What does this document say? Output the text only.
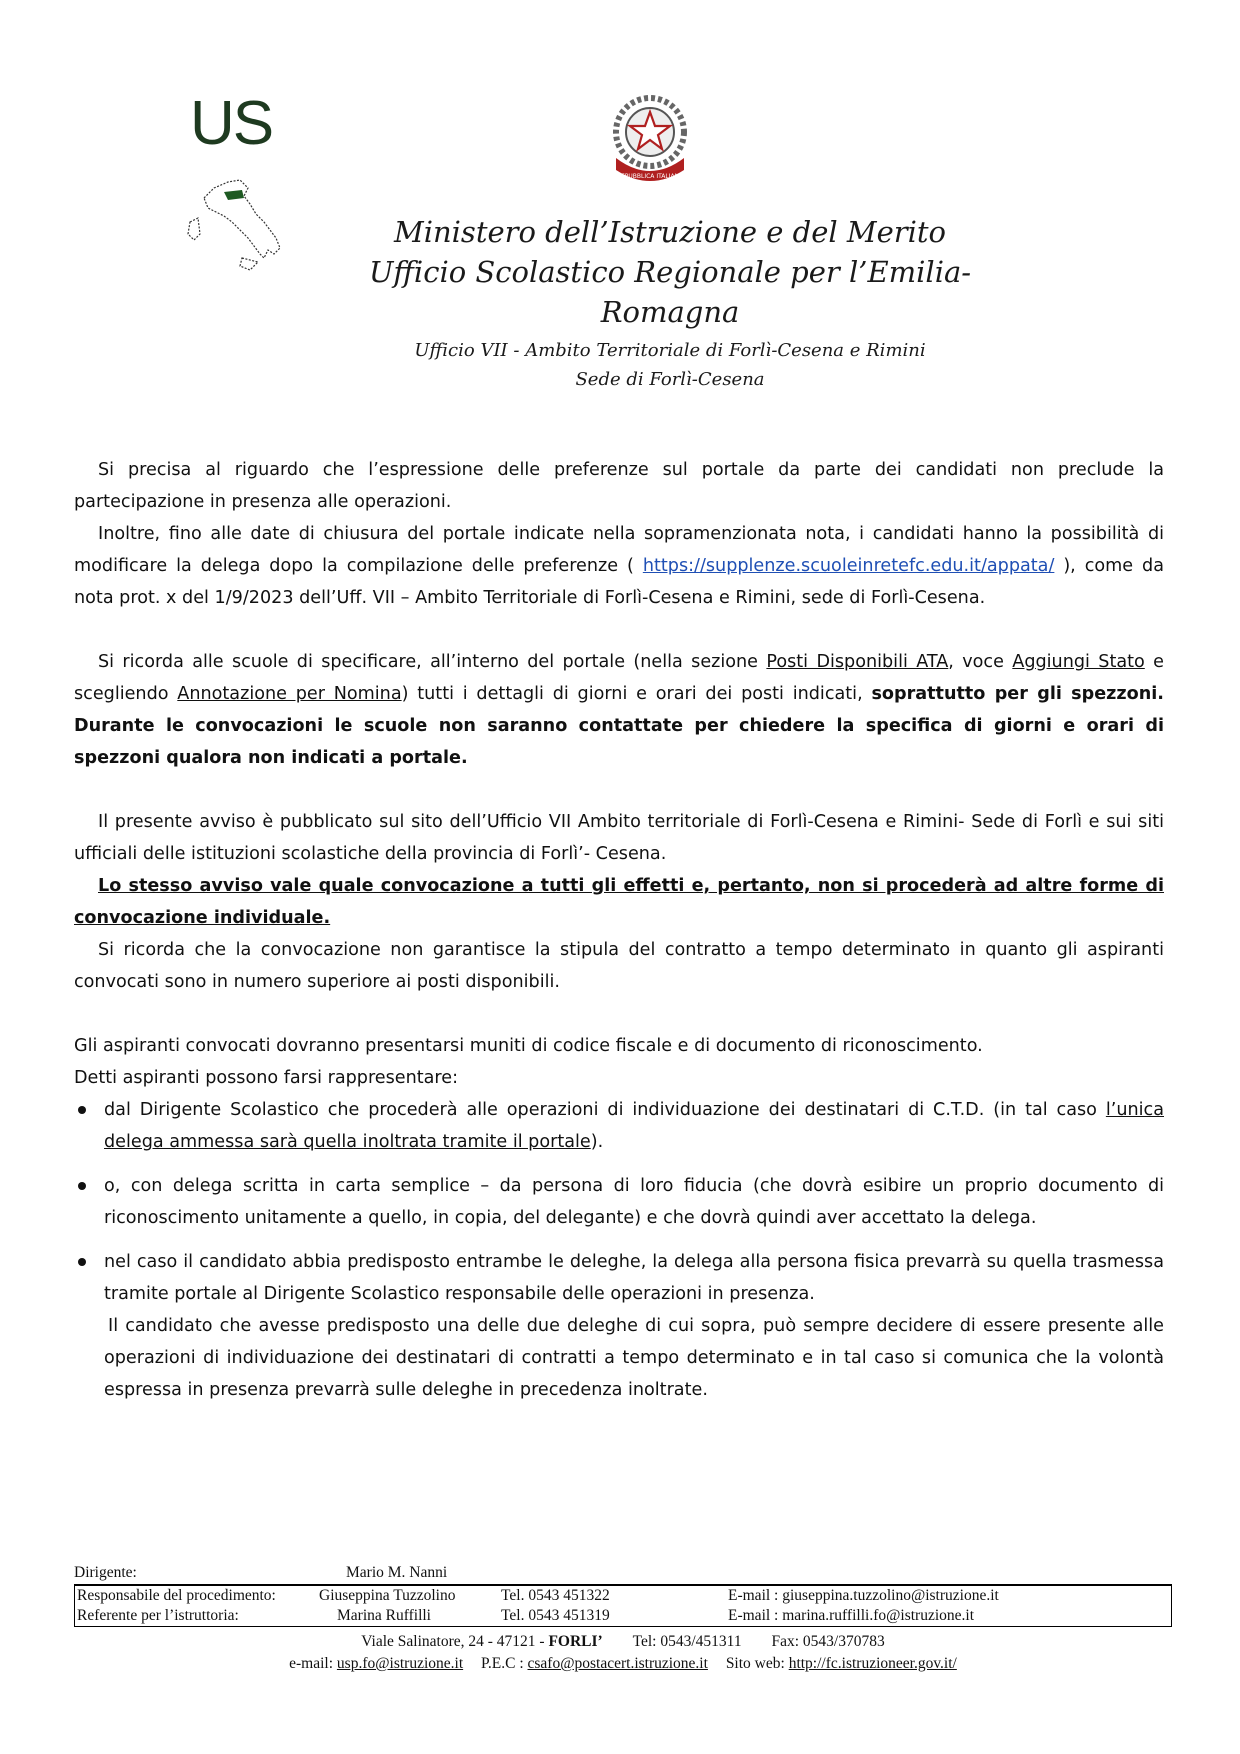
US
REPUBBLICA ITALIANA
Ministero dell’Istruzione e del Merito
Ufficio Scolastico Regionale per l’Emilia-Romagna
Ufficio VII - Ambito Territoriale di Forlì-Cesena e Rimini
Sede di Forlì-Cesena

Si precisa al riguardo che l’espressione delle preferenze sul portale da parte dei candidati non preclude la partecipazione in presenza alle operazioni.

Inoltre, fino alle date di chiusura del portale indicate nella sopramenzionata nota, i candidati hanno la possibilità di modificare la delega dopo la compilazione delle preferenze ( https://supplenze.scuoleinretefc.edu.it/appata/ ), come da nota prot. x del 1/9/2023 dell’Uff. VII – Ambito Territoriale di Forlì-Cesena e Rimini, sede di Forlì-Cesena.

Si ricorda alle scuole di specificare, all’interno del portale (nella sezione Posti Disponibili ATA, voce Aggiungi Stato e scegliendo Annotazione per Nomina) tutti i dettagli di giorni e orari dei posti indicati, soprattutto per gli spezzoni. Durante le convocazioni le scuole non saranno contattate per chiedere la specifica di giorni e orari di spezzoni qualora non indicati a portale.

Il presente avviso è pubblicato sul sito dell’Ufficio VII Ambito territoriale di Forlì-Cesena e Rimini- Sede di Forlì e sui siti ufficiali delle istituzioni scolastiche della provincia di Forlì’- Cesena.

Lo stesso avviso vale quale convocazione a tutti gli effetti e, pertanto, non si procederà ad altre forme di convocazione individuale.

Si ricorda che la convocazione non garantisce la stipula del contratto a tempo determinato in quanto gli aspiranti convocati sono in numero superiore ai posti disponibili.

Gli aspiranti convocati dovranno presentarsi muniti di codice fiscale e di documento di riconoscimento.

Detti aspiranti possono farsi rappresentare:

dal Dirigente Scolastico che procederà alle operazioni di individuazione dei destinatari di C.T.D. (in tal caso l’unica delega ammessa sarà quella inoltrata tramite il portale).
o, con delega scritta in carta semplice – da persona di loro fiducia (che dovrà esibire un proprio documento di riconoscimento unitamente a quello, in copia, del delegante) e che dovrà quindi aver accettato la delega.
nel caso il candidato abbia predisposto entrambe le deleghe, la delega alla persona fisica prevarrà su quella trasmessa tramite portale al Dirigente Scolastico responsabile delle operazioni in presenza.

Il candidato che avesse predisposto una delle due deleghe di cui sopra, può sempre decidere di essere presente alle operazioni di individuazione dei destinatari di contratti a tempo determinato e in tal caso si comunica che la volontà espressa in presenza prevarrà sulle deleghe in precedenza inoltrate.

Dirigente:	Mario M. Nanni
Responsabile del procedimento:	Giuseppina Tuzzolino	Tel. 0543 451322	E-mail : giuseppina.tuzzolino@istruzione.it
Referente per l’istruttoria:	Marina Ruffilli	Tel. 0543 451319	E-mail : marina.ruffilli.fo@istruzione.it
Viale Salinatore, 24 - 47121 - FORLI’ Tel: 0543/451311 Fax: 0543/370783
e-mail: usp.fo@istruzione.it P.E.C : csafo@postacert.istruzione.it Sito web: http://fc.istruzioneer.gov.it/
